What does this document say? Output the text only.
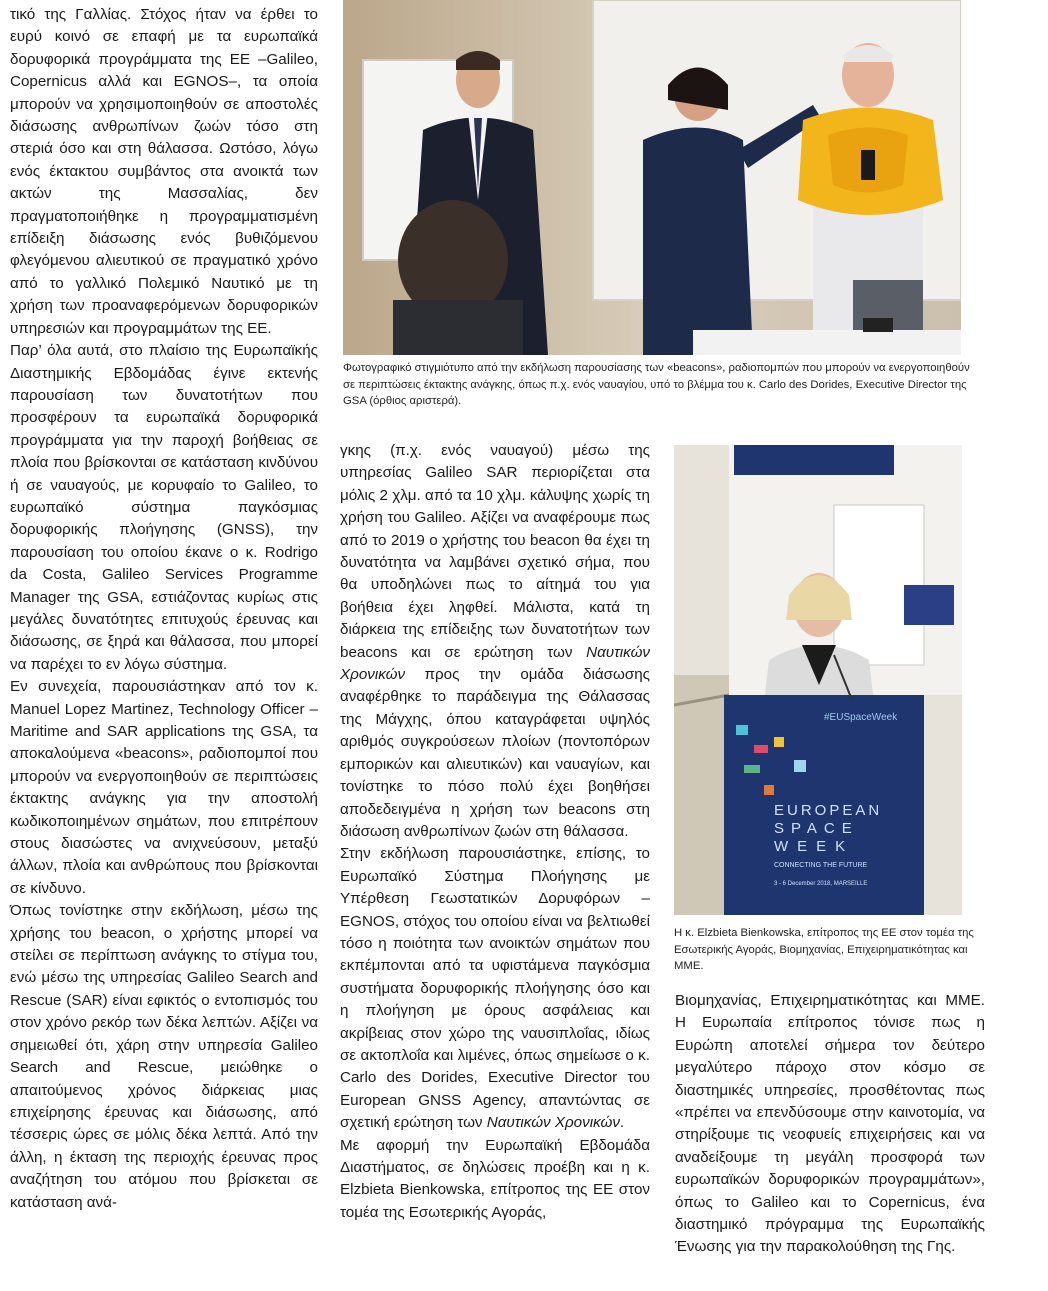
τικό της Γαλλίας. Στόχος ήταν να έρθει το ευρύ κοινό σε επαφή με τα ευρωπαϊκά δορυφορικά προγράμματα της ΕΕ –Galileo, Copernicus αλλά και EGNOS–, τα οποία μπορούν να χρησιμοποιηθούν σε αποστολές διάσωσης ανθρωπίνων ζωών τόσο στη στεριά όσο και στη θάλασσα. Ωστόσο, λόγω ενός έκτακτου συμβάντος στα ανοικτά των ακτών της Μασσαλίας, δεν πραγματοποιήθηκε η προγραμματισμένη επίδειξη διάσωσης ενός βυθιζόμενου φλεγόμενου αλιευτικού σε πραγματικό χρόνο από το γαλλικό Πολεμικό Ναυτικό με τη χρήση των προαναφερόμενων δορυφορικών υπηρεσιών και προγραμμάτων της ΕΕ.

Παρ’ όλα αυτά, στο πλαίσιο της Ευρωπαϊκής Διαστημικής Εβδομάδας έγινε εκτενής παρουσίαση των δυνατοτήτων που προσφέρουν τα ευρωπαϊκά δορυφορικά προγράμματα για την παροχή βοήθειας σε πλοία που βρίσκονται σε κατάσταση κινδύνου ή σε ναυαγούς, με κορυφαίο το Galileo, το ευρωπαϊκό σύστημα παγκόσμιας δορυφορικής πλοήγησης (GNSS), την παρουσίαση του οποίου έκανε ο κ. Rodrigo da Costa, Galileo Services Programme Manager της GSA, εστιάζοντας κυρίως στις μεγάλες δυνατότητες επιτυχούς έρευνας και διάσωσης, σε ξηρά και θάλασσα, που μπορεί να παρέχει το εν λόγω σύστημα.

Εν συνεχεία, παρουσιάστηκαν από τον κ. Manuel Lopez Martinez, Technology Officer – Maritime and SAR applications της GSA, τα αποκαλούμενα «beacons», ραδιοπομποί που μπορούν να ενεργοποιηθούν σε περιπτώσεις έκτακτης ανάγκης για την αποστολή κωδικοποιημένων σημάτων, που επιτρέπουν στους διασώστες να ανιχνεύσουν, μεταξύ άλλων, πλοία και ανθρώπους που βρίσκονται σε κίνδυνο.

Όπως τονίστηκε στην εκδήλωση, μέσω της χρήσης του beacon, ο χρήστης μπορεί να στείλει σε περίπτωση ανάγκης το στίγμα του, ενώ μέσω της υπηρεσίας Galileo Search and Rescue (SAR) είναι εφικτός ο εντοπισμός του στον χρόνο ρεκόρ των δέκα λεπτών. Αξίζει να σημειωθεί ότι, χάρη στην υπηρεσία Galileo Search and Rescue, μειώθηκε ο απαιτούμενος χρόνος διάρκειας μιας επιχείρησης έρευνας και διάσωσης, από τέσσερις ώρες σε μόλις δέκα λεπτά. Από την άλλη, η έκταση της περιοχής έρευνας προς αναζήτηση του ατόμου που βρίσκεται σε κατάσταση ανά-

Φωτογραφικό στιγμιότυπο από την εκδήλωση παρουσίασης των «beacons», ραδιοπομπών που μπορούν να ενεργοποιηθούν σε περιπτώσεις έκτακτης ανάγκης, όπως π.χ. ενός ναυαγίου, υπό το βλέμμα του κ. Carlo des Dorides, Executive Director της GSA (όρθιος αριστερά).

γκης (π.χ. ενός ναυαγού) μέσω της υπηρεσίας Galileo SAR περιορίζεται στα μόλις 2 χλμ. από τα 10 χλμ. κάλυψης χωρίς τη χρήση του Galileo. Αξίζει να αναφέρουμε πως από το 2019 ο χρήστης του beacon θα έχει τη δυνατότητα να λαμβάνει σχετικό σήμα, που θα υποδηλώνει πως το αίτημά του για βοήθεια έχει ληφθεί. Μάλιστα, κατά τη διάρκεια της επίδειξης των δυνατοτήτων των beacons και σε ερώτηση των Ναυτικών Χρονικών προς την ομάδα διάσωσης αναφέρθηκε το παράδειγμα της Θάλασσας της Μάγχης, όπου καταγράφεται υψηλός αριθμός συγκρούσεων πλοίων (ποντοπόρων εμπορικών και αλιευτικών) και ναυαγίων, και τονίστηκε το πόσο πολύ έχει βοηθήσει αποδεδειγμένα η χρήση των beacons στη διάσωση ανθρωπίνων ζωών στη θάλασσα.

Στην εκδήλωση παρουσιάστηκε, επίσης, το Ευρωπαϊκό Σύστημα Πλοήγησης με Υπέρθεση Γεωστατικών Δορυφόρων – EGNOS, στόχος του οποίου είναι να βελτιωθεί τόσο η ποιότητα των ανοικτών σημάτων που εκπέμπονται από τα υφιστάμενα παγκόσμια συστήματα δορυφορικής πλοήγησης όσο και η πλοήγηση με όρους ασφάλειας και ακρίβειας στον χώρο της ναυσιπλοΐας, ιδίως σε ακτοπλοΐα και λιμένες, όπως σημείωσε ο κ. Carlo des Dorides, Executive Director του European GNSS Agency, απαντώντας σε σχετική ερώτηση των Ναυτικών Χρονικών.

Με αφορμή την Ευρωπαϊκή Εβδομάδα Διαστήματος, σε δηλώσεις προέβη και η κ. Elzbieta Bienkowska, επίτροπος της ΕΕ στον τομέα της Εσωτερικής Αγοράς,

#EUSpaceWeek
EUROPEAN
SPACE
WEEK
CONNECTING THE FUTURE
3 - 6 December 2018, MARSEILLE
Η κ. Elzbieta Bienkowska, επίτροπος της ΕΕ στον τομέα της Εσωτερικής Αγοράς, Βιομηχανίας, Επιχειρηματικότητας και ΜΜΕ.

Βιομηχανίας, Επιχειρηματικότητας και ΜΜΕ. Η Ευρωπαία επίτροπος τόνισε πως η Ευρώπη αποτελεί σήμερα τον δεύτερο μεγαλύτερο πάροχο στον κόσμο σε διαστημικές υπηρεσίες, προσθέτοντας πως «πρέπει να επενδύσουμε στην καινοτομία, να στηρίξουμε τις νεοφυείς επιχειρήσεις και να αναδείξουμε τη μεγάλη προσφορά των ευρωπαϊκών δορυφορικών προγραμμάτων», όπως το Galileo και το Copernicus, ένα διαστημικό πρόγραμμα της Ευρωπαϊκής Ένωσης για την παρακολούθηση της Γης.
